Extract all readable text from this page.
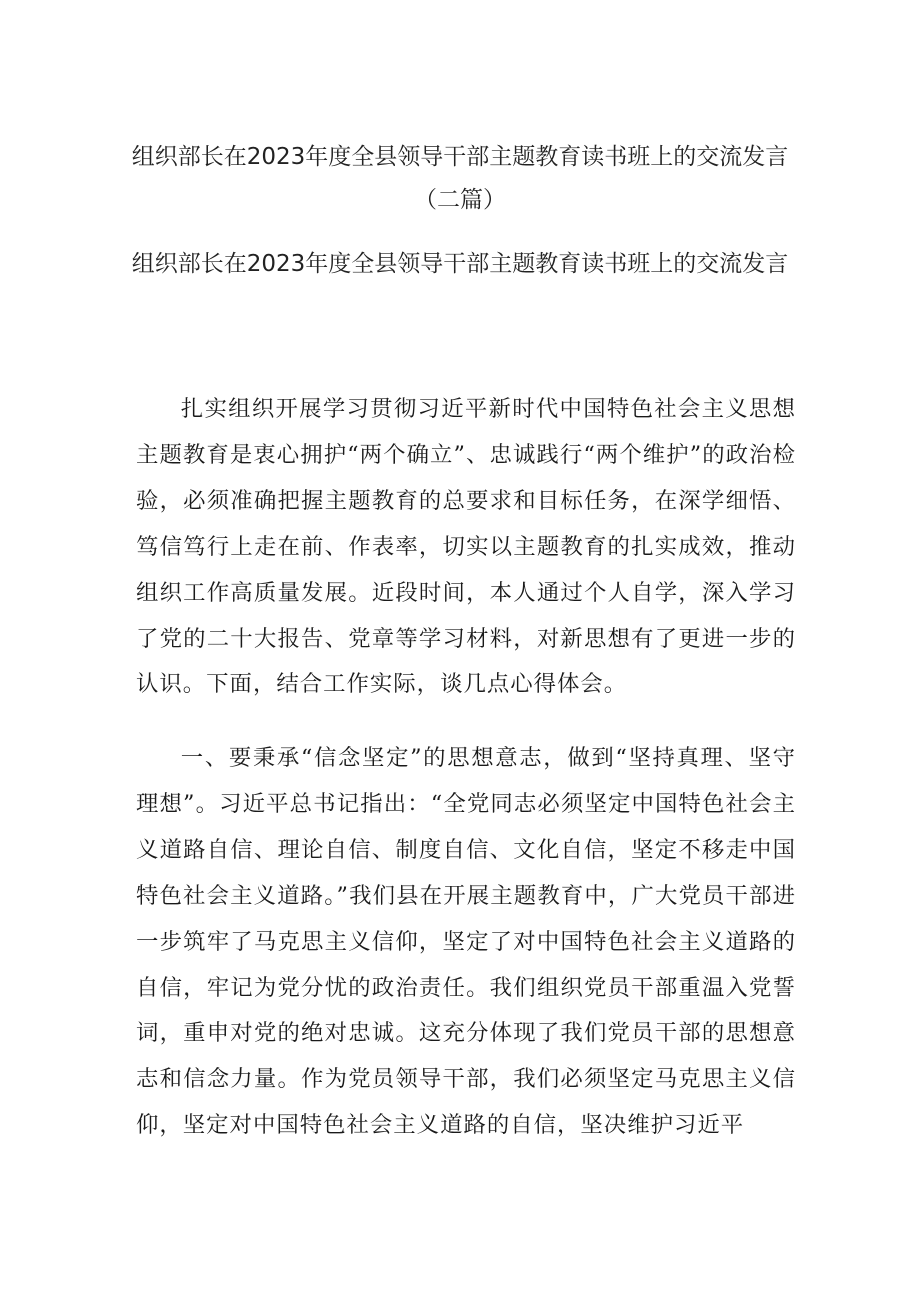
组织部长在2023年度全县领导干部主题教育读书班上的交流发言（二篇）
组织部长在2023年度全县领导干部主题教育读书班上的交流发言

扎实组织开展学习贯彻习近平新时代中国特色社会主义思想主题教育是衷心拥护“两个确立”、忠诚践行“两个维护”的政治检验，必须准确把握主题教育的总要求和目标任务，在深学细悟、笃信笃行上走在前、作表率，切实以主题教育的扎实成效，推动组织工作高质量发展。近段时间，本人通过个人自学，深入学习了党的二十大报告、党章等学习材料，对新思想有了更进一步的认识。下面，结合工作实际，谈几点心得体会。

一、要秉承“信念坚定”的思想意志，做到“坚持真理、坚守理想”。习近平总书记指出：“全党同志必须坚定中国特色社会主义道路自信、理论自信、制度自信、文化自信，坚定不移走中国特色社会主义道路。”我们县在开展主题教育中，广大党员干部进一步筑牢了马克思主义信仰，坚定了对中国特色社会主义道路的自信，牢记为党分忧的政治责任。我们组织党员干部重温入党誓词，重申对党的绝对忠诚。这充分体现了我们党员干部的思想意志和信念力量。作为党员领导干部，我们必须坚定马克思主义信仰，坚定对中国特色社会主义道路的自信，坚决维护习近平
